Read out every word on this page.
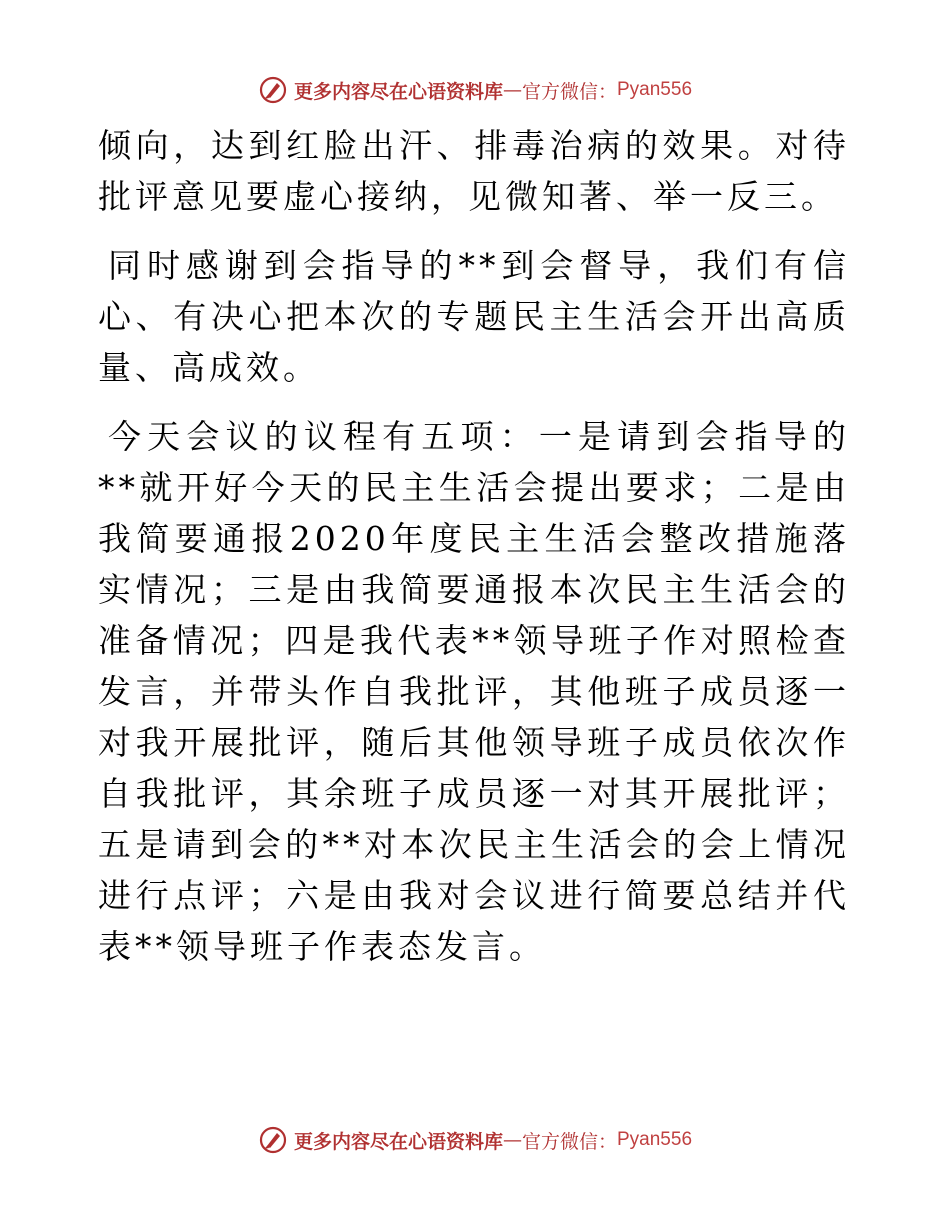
更多内容尽在心语资料库 — 官方微信： Pyan556

倾向，达到红脸出汗、排毒治病的效果。对待批评意见要虚心接纳，见微知著、举一反三。

同时感谢到会指导的**到会督导，我们有信心、有决心把本次的专题民主生活会开出高质量、高成效。

今天会议的议程有五项：一是请到会指导的**就开好今天的民主生活会提出要求；二是由我简要通报2020年度民主生活会整改措施落实情况；三是由我简要通报本次民主生活会的准备情况；四是我代表**领导班子作对照检查发言，并带头作自我批评，其他班子成员逐一对我开展批评，随后其他领导班子成员依次作自我批评，其余班子成员逐一对其开展批评；五是请到会的**对本次民主生活会的会上情况进行点评；六是由我对会议进行简要总结并代表**领导班子作表态发言。

更多内容尽在心语资料库 — 官方微信： Pyan556
